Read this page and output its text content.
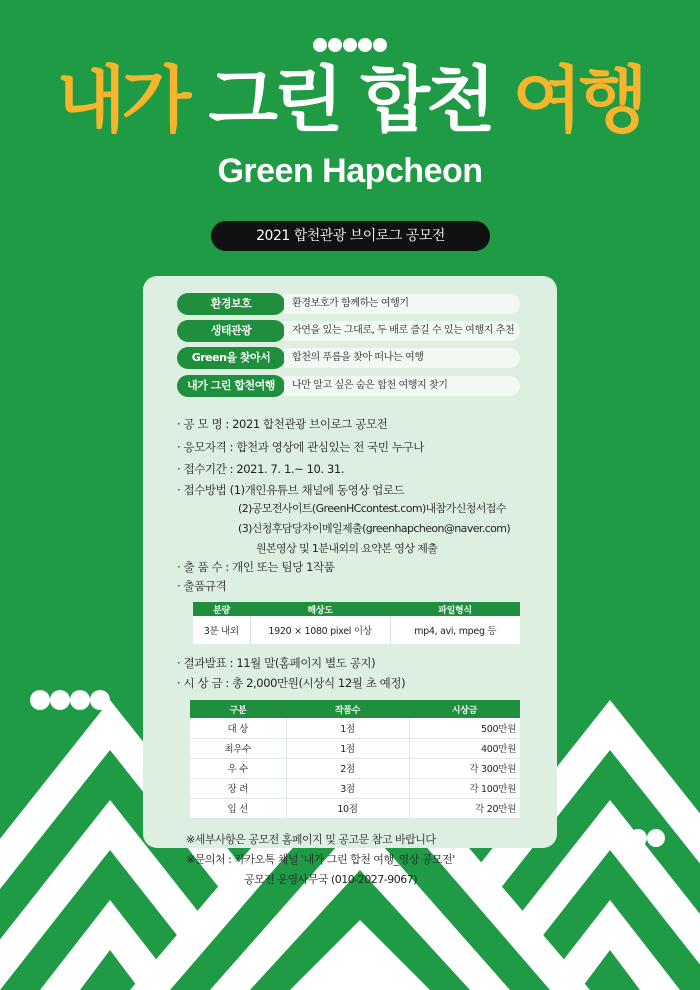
내가 그린 합천 여행
Green Hapcheon
2021 합천관광 브이로그 공모전
환경보호	환경보호가 함께하는 여행기
생태관광	자연을 있는 그대로, 두 배로 즐길 수 있는 여행지 추천
Green을 찾아서	합천의 푸름을 찾아 떠나는 여행
내가 그린 합천여행	나만 알고 싶은 숨은 합천 여행지 찾기
· 공 모 명 : 2021 합천관광 브이로그 공모전
· 응모자격 : 합천과 영상에 관심있는 전 국민 누구나
· 접수기간 : 2021. 7. 1.~ 10. 31.
· 접수방법 (1)개인유튜브 채널에 동영상 업로드
(2)공모전사이트(GreenHCcontest.com)내참가신청서접수
(3)신청후담당자이메일제출(greenhapcheon@naver.com)
원본영상 및 1분내외의 요약본 영상 제출
· 출 품 수 : 개인 또는 팀당 1작품
· 출품규격
분량	해상도	파일형식
3분 내외	1920 × 1080 pixel 이상	mp4, avi, mpeg 등
· 결과발표 : 11월 말(홈페이지 별도 공지)
· 시 상 금 : 총 2,000만원(시상식 12월 초 예정)
구분	작품수	시상금
대 상	1점	500만원
최우수	1점	400만원
우 수	2점	각 300만원
장 려	3점	각 100만원
입 선	10점	각 20만원
※세부사항은 공모전 홈페이지 및 공고문 참고 바랍니다
※문의처 : 카카오톡 채널 '내가 그린 합천 여행_영상 공모전'
공모전 운영사무국 (010-2027-9067)
